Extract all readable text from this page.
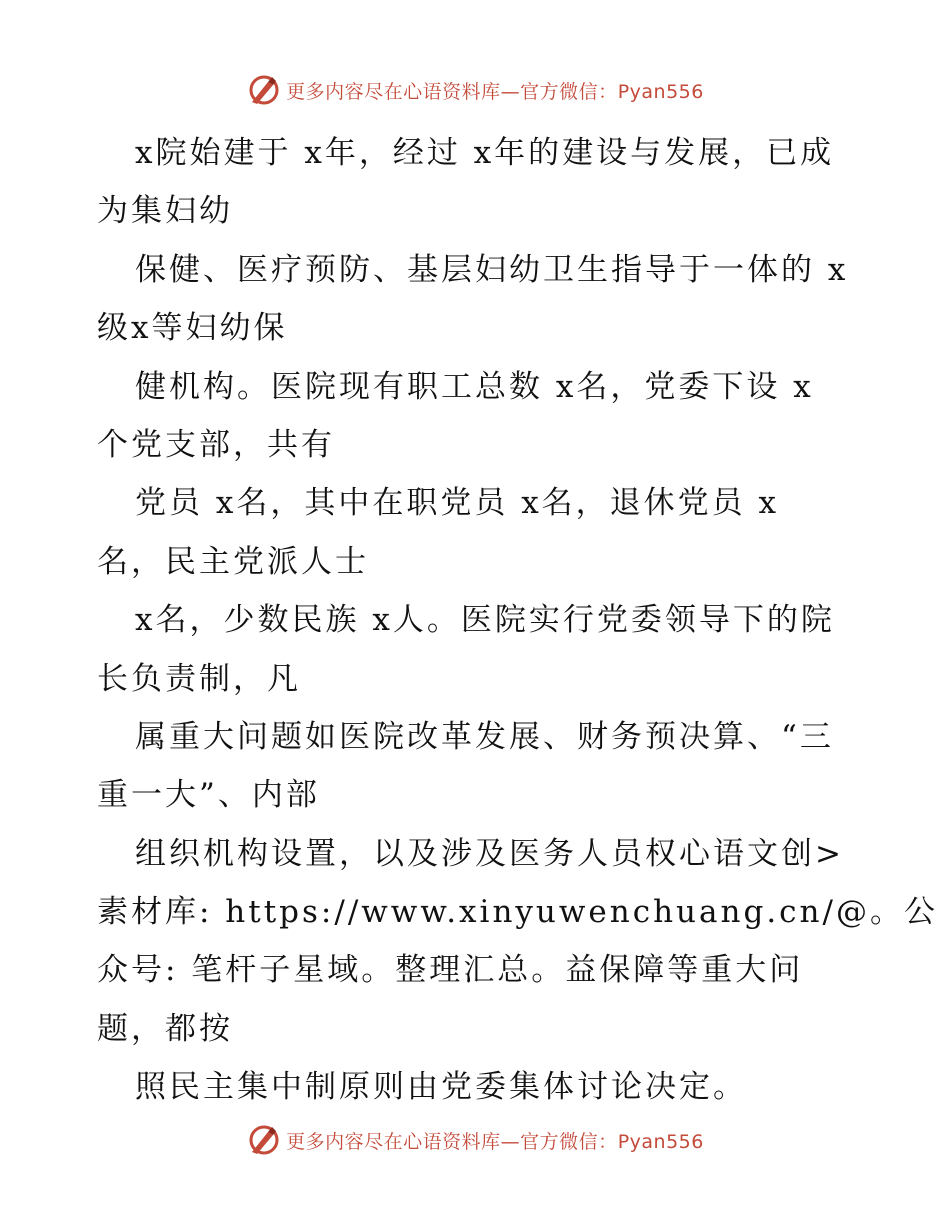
更多内容尽在心语资料库—官方微信：Pyan556
x院始建于 x年，经过 x年的建设与发展，已成
为集妇幼
保健、医疗预防、基层妇幼卫生指导于一体的 x
级x等妇幼保
健机构。医院现有职工总数 x名，党委下设 x
个党支部，共有
党员 x名，其中在职党员 x名，退休党员 x
名，民主党派人士
x名，少数民族 x人。医院实行党委领导下的院
长负责制，凡
属重大问题如医院改革发展、财务预决算、“三
重一大”、内部
组织机构设置，以及涉及医务人员权心语文创>
素材库: https://www.xinyuwenchuang.cn/@。公
众号: 笔杆子星域。整理汇总。益保障等重大问
题，都按
照民主集中制原则由党委集体讨论决定。
更多内容尽在心语资料库—官方微信：Pyan556
